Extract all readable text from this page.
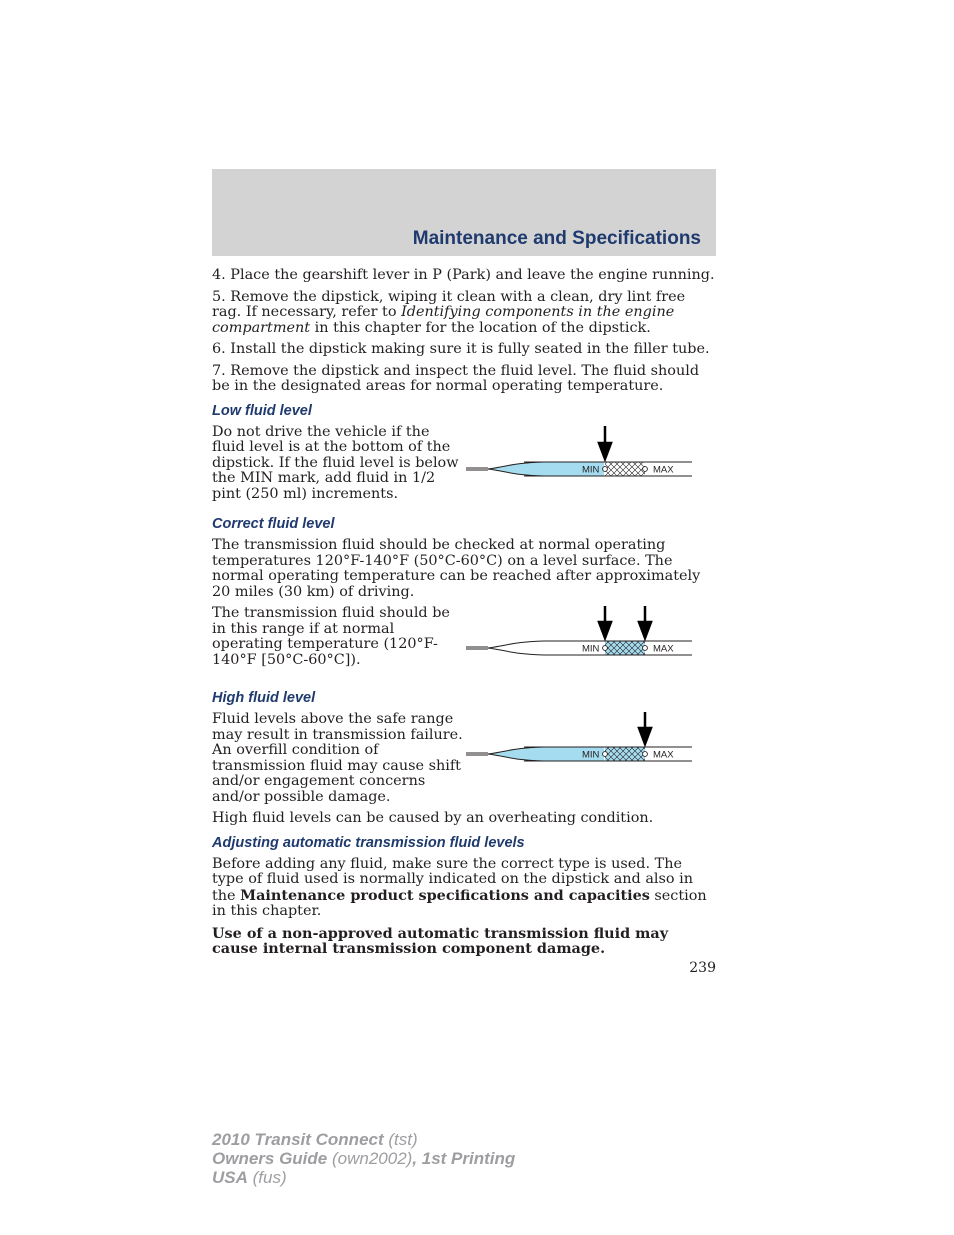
Maintenance and Specifications

4. Place the gearshift lever in P (Park) and leave the engine running.

5. Remove the dipstick, wiping it clean with a clean, dry lint free rag. If necessary, refer to Identifying components in the engine compartment in this chapter for the location of the dipstick.

6. Install the dipstick making sure it is fully seated in the filler tube.

7. Remove the dipstick and inspect the fluid level. The fluid should be in the designated areas for normal operating temperature.

Low fluid level

Do not drive the vehicle if the fluid level is at the bottom of the dipstick. If the fluid level is below the MIN mark, add fluid in 1/2 pint (250 ml) increments.

MIN	MAX
Correct fluid level

The transmission fluid should be checked at normal operating temperatures 120°F-140°F (50°C-60°C) on a level surface. The normal operating temperature can be reached after approximately 20 miles (30 km) of driving.

The transmission fluid should be in this range if at normal operating temperature (120°F-140°F [50°C-60°C]).

MIN	MAX
High fluid level

Fluid levels above the safe range may result in transmission failure. An overfill condition of transmission fluid may cause shift and/or engagement concerns and/or possible damage.

MIN	MAX

High fluid levels can be caused by an overheating condition.

Adjusting automatic transmission fluid levels

Before adding any fluid, make sure the correct type is used. The type of fluid used is normally indicated on the dipstick and also in the Maintenance product specifications and capacities section in this chapter.

Use of a non-approved automatic transmission fluid may cause internal transmission component damage.

239
2010 Transit Connect (tst)
Owners Guide (own2002), 1st Printing
USA (fus)
